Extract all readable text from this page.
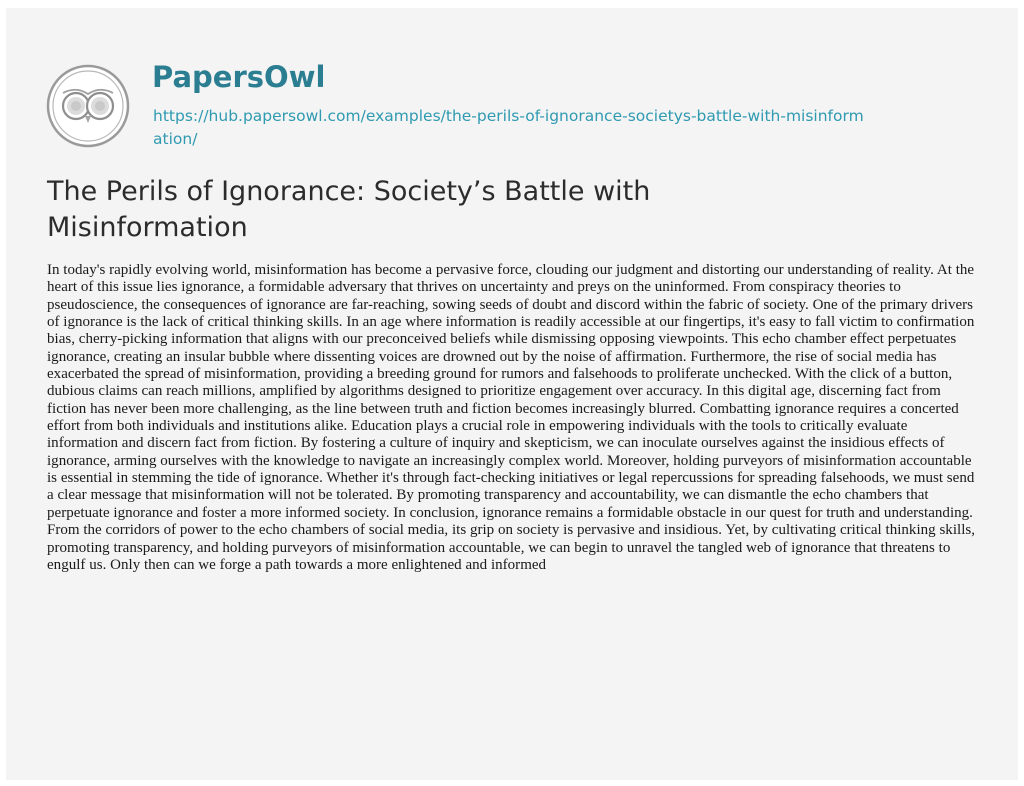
PapersOwl
https://hub.papersowl.com/examples/the-perils-of-ignorance-societys-battle-with-misinformation/
The Perils of Ignorance: Society’s Battle with Misinformation

In today's rapidly evolving world, misinformation has become a pervasive force, clouding our judgment and distorting our understanding of reality. At the heart of this issue lies ignorance, a formidable adversary that thrives on uncertainty and preys on the uninformed. From conspiracy theories to pseudoscience, the consequences of ignorance are far-reaching, sowing seeds of doubt and discord within the fabric of society. One of the primary drivers of ignorance is the lack of critical thinking skills. In an age where information is readily accessible at our fingertips, it's easy to fall victim to confirmation bias, cherry-picking information that aligns with our preconceived beliefs while dismissing opposing viewpoints. This echo chamber effect perpetuates ignorance, creating an insular bubble where dissenting voices are drowned out by the noise of affirmation. Furthermore, the rise of social media has exacerbated the spread of misinformation, providing a breeding ground for rumors and falsehoods to proliferate unchecked. With the click of a button, dubious claims can reach millions, amplified by algorithms designed to prioritize engagement over accuracy. In this digital age, discerning fact from fiction has never been more challenging, as the line between truth and fiction becomes increasingly blurred. Combatting ignorance requires a concerted effort from both individuals and institutions alike. Education plays a crucial role in empowering individuals with the tools to critically evaluate information and discern fact from fiction. By fostering a culture of inquiry and skepticism, we can inoculate ourselves against the insidious effects of ignorance, arming ourselves with the knowledge to navigate an increasingly complex world. Moreover, holding purveyors of misinformation accountable is essential in stemming the tide of ignorance. Whether it's through fact-checking initiatives or legal repercussions for spreading falsehoods, we must send a clear message that misinformation will not be tolerated. By promoting transparency and accountability, we can dismantle the echo chambers that perpetuate ignorance and foster a more informed society. In conclusion, ignorance remains a formidable obstacle in our quest for truth and understanding. From the corridors of power to the echo chambers of social media, its grip on society is pervasive and insidious. Yet, by cultivating critical thinking skills, promoting transparency, and holding purveyors of misinformation accountable, we can begin to unravel the tangled web of ignorance that threatens to engulf us. Only then can we forge a path towards a more enlightened and informed
